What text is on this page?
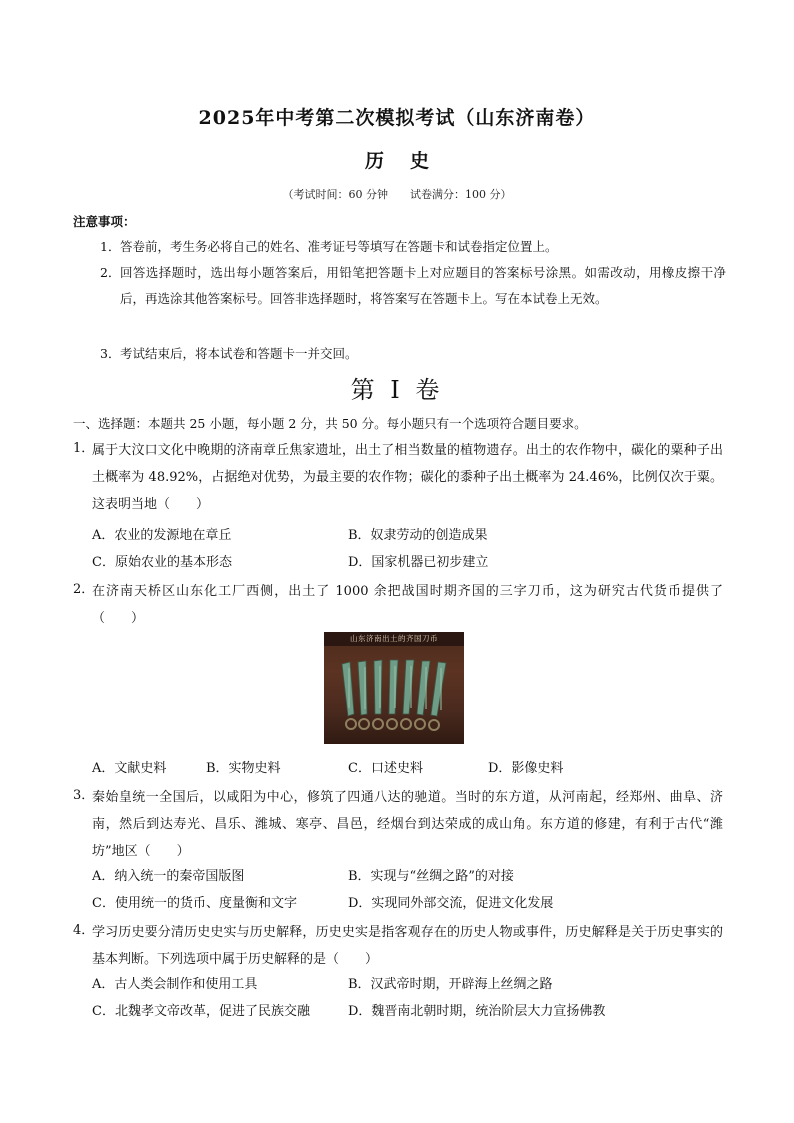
2025年中考第二次模拟考试（山东济南卷）
历史
（考试时间：60 分钟　　试卷满分：100 分）
注意事项：
1． 答卷前，考生务必将自己的姓名、准考证号等填写在答题卡和试卷指定位置上。
2． 回答选择题时，选出每小题答案后，用铅笔把答题卡上对应题目的答案标号涂黑。如需改动，用橡皮擦干净后，再选涂其他答案标号。回答非选择题时，将答案写在答题卡上。写在本试卷上无效。
3． 考试结束后，将本试卷和答题卡一并交回。
第 I 卷
一、选择题：本题共 25 小题，每小题 2 分，共 50 分。每小题只有一个选项符合题目要求。
1．
属于大汶口文化中晚期的济南章丘焦家遗址，出土了相当数量的植物遗存。出土的农作物中，碳化的粟种子出土概率为 48.92%，占据绝对优势，为最主要的农作物；碳化的黍种子出土概率为 24.46%，比例仅次于粟。这表明当地（　　）
A．农业的发源地在章丘	B．奴隶劳动的创造成果
C．原始农业的基本形态	D．国家机器已初步建立
2．
在济南天桥区山东化工厂西侧，出土了 1000 余把战国时期齐国的三字刀币，这为研究古代货币提供了（　　）
山东济南出土的齐国刀币
A．文献史料	B．实物史料	C．口述史料	D．影像史料
3．
秦始皇统一全国后，以咸阳为中心，修筑了四通八达的驰道。当时的东方道，从河南起，经郑州、曲阜、济南，然后到达寿光、昌乐、潍城、寒亭、昌邑，经烟台到达荣成的成山角。东方道的修建，有利于古代“潍坊”地区（　　）
A．纳入统一的秦帝国版图	B．实现与“丝绸之路”的对接
C．使用统一的货币、度量衡和文字	D．实现同外部交流，促进文化发展
4．
学习历史要分清历史史实与历史解释，历史史实是指客观存在的历史人物或事件，历史解释是关于历史事实的基本判断。下列选项中属于历史解释的是（　　）
A．古人类会制作和使用工具	B．汉武帝时期，开辟海上丝绸之路
C．北魏孝文帝改革，促进了民族交融	D．魏晋南北朝时期，统治阶层大力宣扬佛教
